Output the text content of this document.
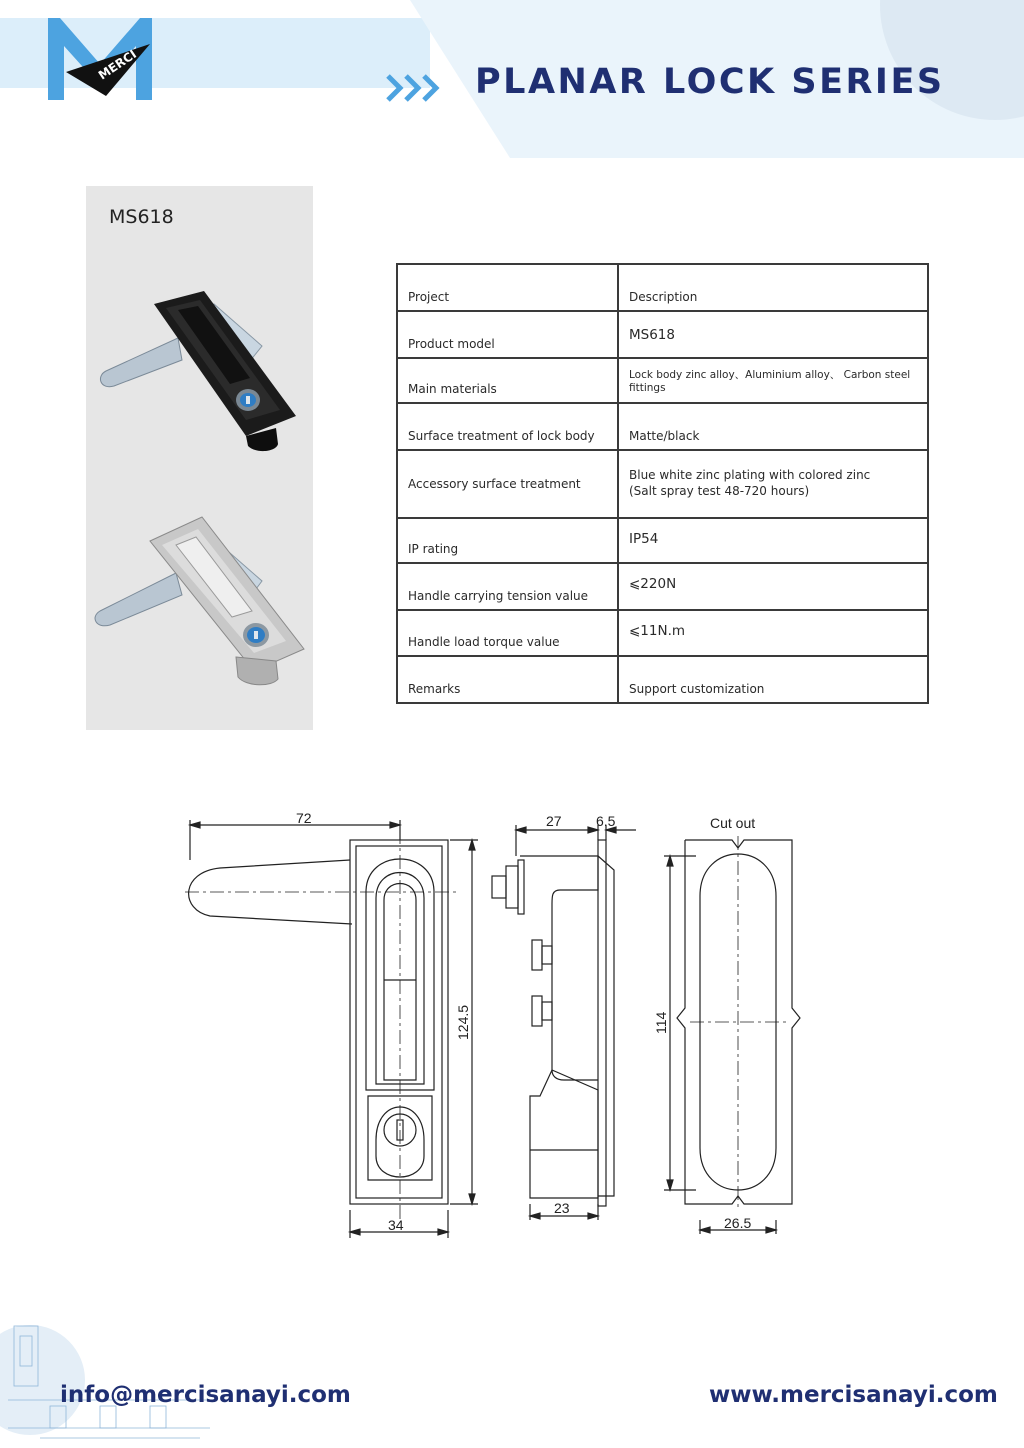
MERCI	PLANAR LOCK SERIES
MS618
Project	Description
Product model	MS618
Main materials	Lock body zinc alloy、Aluminium alloy、 Carbon steel fittings
Surface treatment of lock body	Matte/black
Accessory surface treatment	Blue white zinc plating with colored zinc
(Salt spray test 48-720 hours)

IP rating	IP54
Handle carrying tension value	⩽220N
Handle load torque value	⩽11N.m
Remarks	Support customization
72
124.5
34
27 6.5
23
Cut out
114
26.5
info@mercisanayi.com	www.mercisanayi.com
